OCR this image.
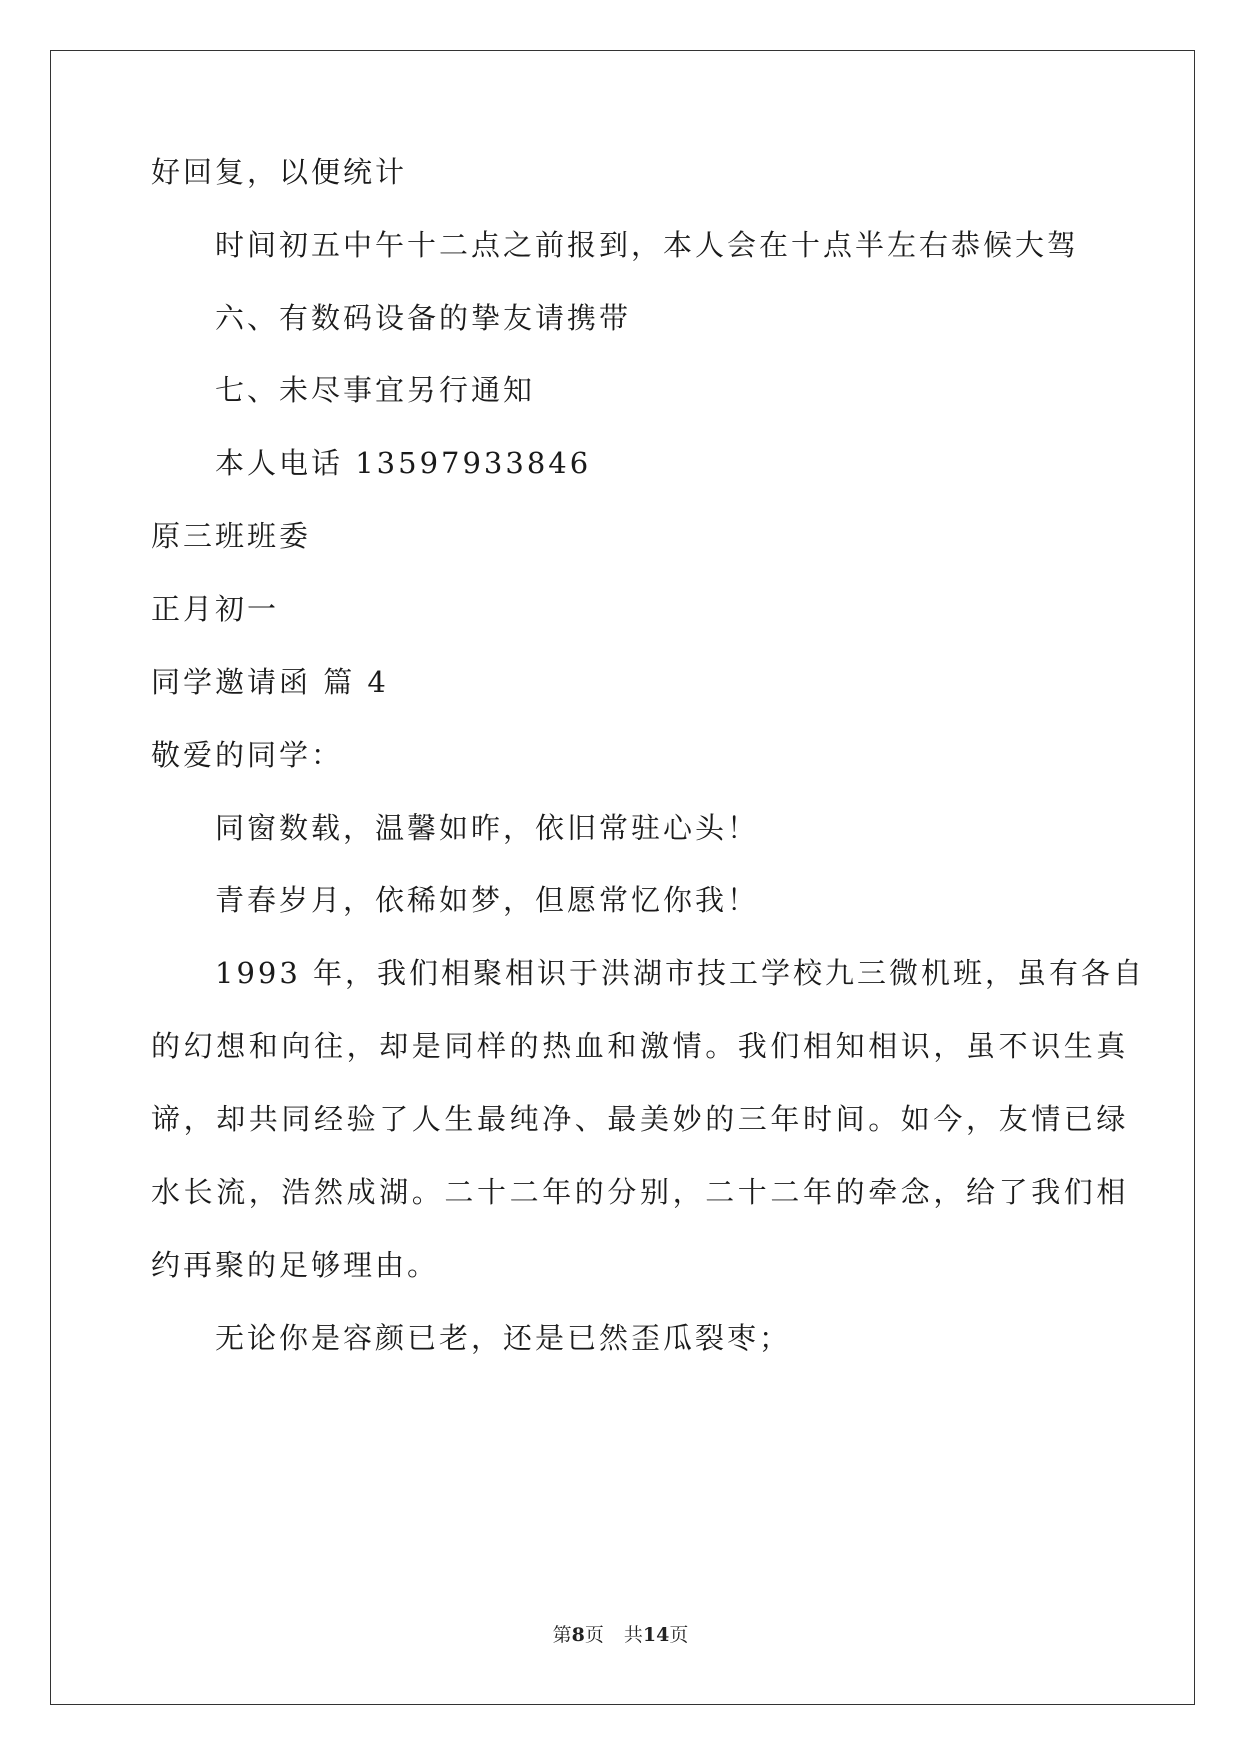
好回复，以便统计
时间初五中午十二点之前报到，本人会在十点半左右恭候大驾
六、有数码设备的挚友请携带
七、未尽事宜另行通知
本人电话 13597933846
原三班班委
正月初一
同学邀请函 篇 4
敬爱的同学：
同窗数载，温馨如昨，依旧常驻心头！
青春岁月，依稀如梦，但愿常忆你我！
1993 年，我们相聚相识于洪湖市技工学校九三微机班，虽有各自
的幻想和向往，却是同样的热血和激情。我们相知相识，虽不识生真
谛，却共同经验了人生最纯净、最美妙的三年时间。如今，友情已绿
水长流，浩然成湖。二十二年的分别，二十二年的牵念，给了我们相
约再聚的足够理由。
无论你是容颜已老，还是已然歪瓜裂枣；
第8页 共14页
